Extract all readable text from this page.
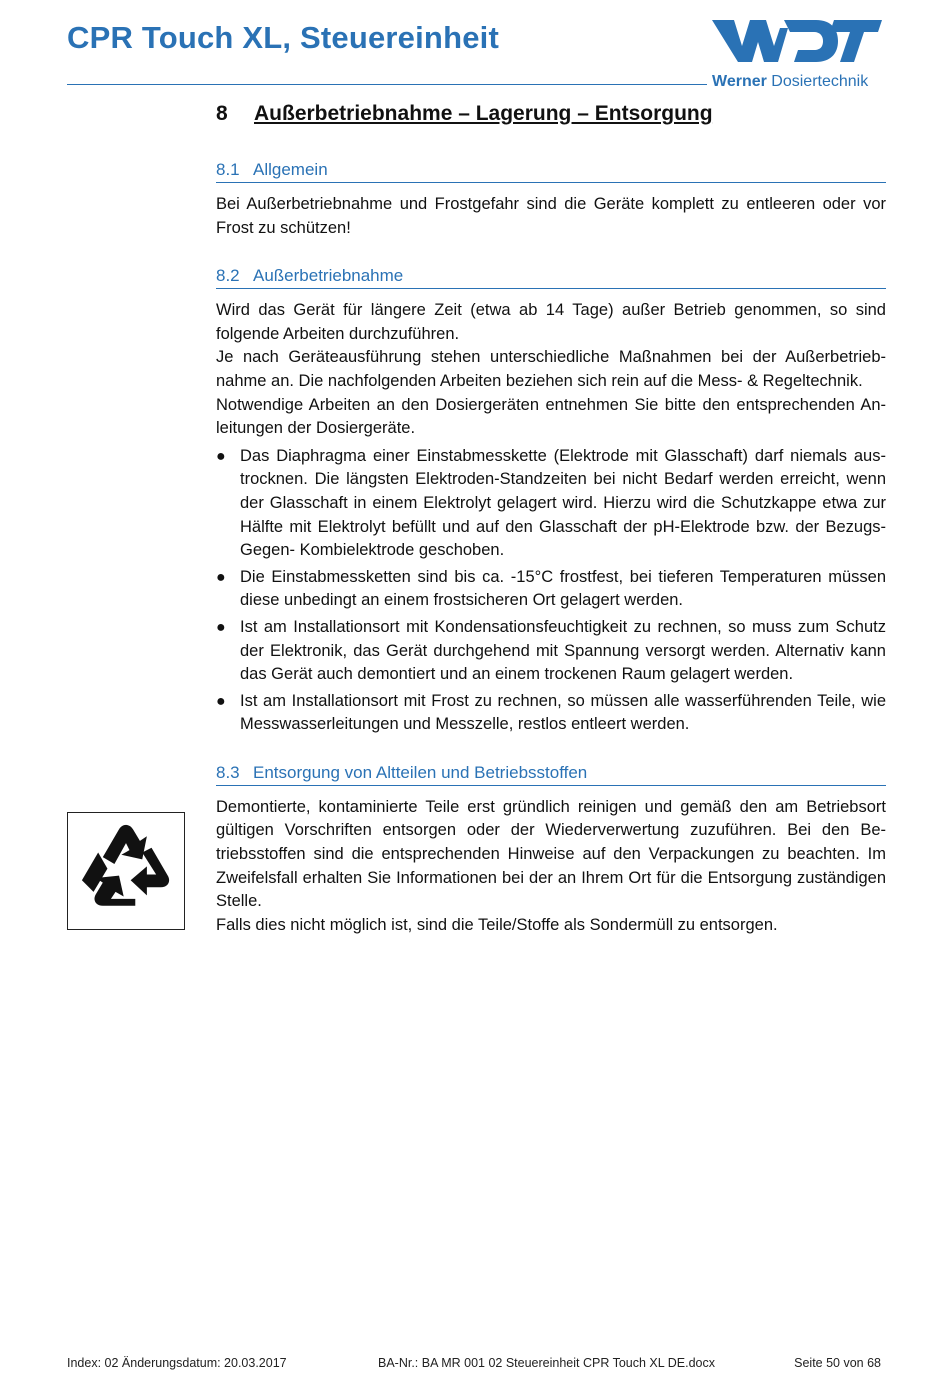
CPR Touch XL, Steuereinheit
Werner Dosiertechnik
8	Außerbetriebnahme – Lagerung – Entsorgung
8.1 Allgemein

Bei Außerbetriebnahme und Frostgefahr sind die Geräte komplett zu entleeren oder vor Frost zu schützen!

8.2 Außerbetriebnahme

Wird das Gerät für längere Zeit (etwa ab 14 Tage) außer Betrieb genommen, so sind folgende Arbeiten durchzuführen.

Je nach Geräteausführung stehen unterschiedliche Maßnahmen bei der Außerbetriebnahme an. Die nachfolgenden Arbeiten beziehen sich rein auf die Mess- & Regeltechnik.

Notwendige Arbeiten an den Dosiergeräten entnehmen Sie bitte den entsprechenden Anleitungen der Dosiergeräte.

● Das Diaphragma einer Einstabmesskette (Elektrode mit Glasschaft) darf niemals austrocknen. Die längsten Elektroden-Standzeiten bei nicht Bedarf werden erreicht, wenn der Glasschaft in einem Elektrolyt gelagert wird. Hierzu wird die Schutzkappe etwa zur Hälfte mit Elektrolyt befüllt und auf den Glasschaft der pH-Elektrode bzw. der Bezugs-Gegen- Kombielektrode geschoben.
● Die Einstabmessketten sind bis ca. -15°C frostfest, bei tieferen Temperaturen müssen diese unbedingt an einem frostsicheren Ort gelagert werden.
● Ist am Installationsort mit Kondensationsfeuchtigkeit zu rechnen, so muss zum Schutz der Elektronik, das Gerät durchgehend mit Spannung versorgt werden. Alternativ kann das Gerät auch demontiert und an einem trockenen Raum gelagert werden.
● Ist am Installationsort mit Frost zu rechnen, so müssen alle wasserführenden Teile, wie Messwasserleitungen und Messzelle, restlos entleert werden.
8.3 Entsorgung von Altteilen und Betriebsstoffen

Demontierte, kontaminierte Teile erst gründlich reinigen und gemäß den am Betriebsort gültigen Vorschriften entsorgen oder der Wiederverwertung zuzuführen. Bei den Betriebsstoffen sind die entsprechenden Hinweise auf den Verpackungen zu beachten. Im Zweifelsfall erhalten Sie Informationen bei der an Ihrem Ort für die Entsorgung zuständigen Stelle.

Falls dies nicht möglich ist, sind die Teile/Stoffe als Sondermüll zu entsorgen.

Index: 02 Änderungsdatum: 20.03.2017	BA-Nr.: BA MR 001 02 Steuereinheit CPR Touch XL DE.docx	Seite 50 von 68
